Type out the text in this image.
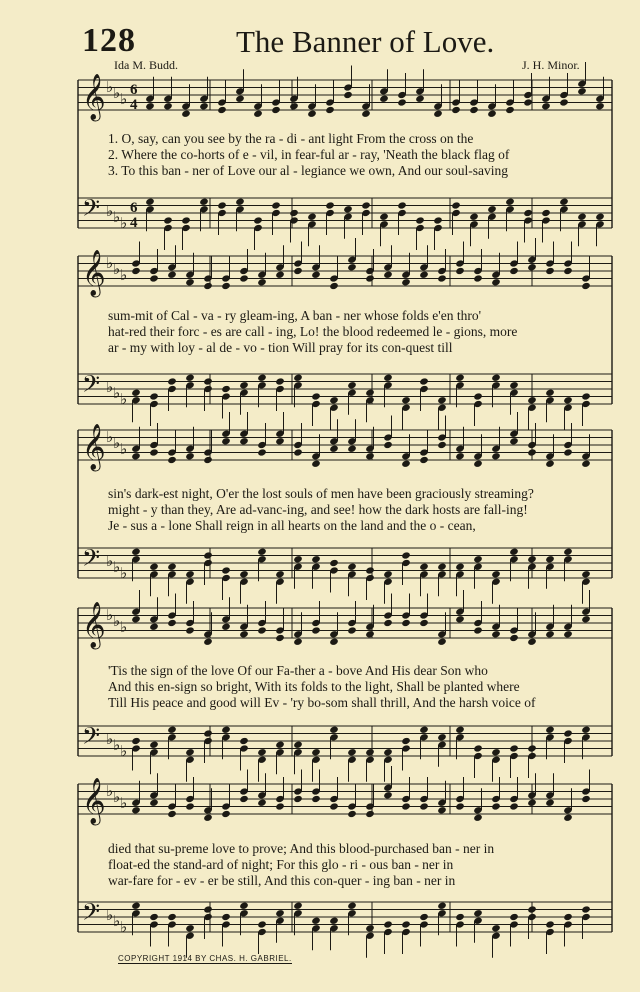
128	The Banner of Love.
Ida M. Budd.	J. H. Minor.
𝄞 ♭ ♭ ♭
6
4
𝄢 ♭ ♭ ♭
6
4
1. O, say, can you see by the ra - di - ant light From the cross on the
2. Where the co-horts of e - vil, in fear-ful ar - ray, 'Neath the black flag of
3. To this ban - ner of Love our al - legiance we own, And our soul-saving
𝄞 ♭ ♭ ♭
𝄢 ♭ ♭ ♭
sum-mit of Cal - va - ry gleam-ing, A ban - ner whose folds e'en thro'
hat-red their forc - es are call - ing, Lo! the blood redeemed le - gions, more
ar - my with loy - al de - vo - tion Will pray for its con-quest till
𝄞 ♭ ♭ ♭
𝄢 ♭ ♭ ♭
sin's dark-est night, O'er the lost souls of men have been graciously streaming?
might - y than they, Are ad-vanc-ing, and see! how the dark hosts are fall-ing!
Je - sus a - lone Shall reign in all hearts on the land and the o - cean,
𝄞 ♭ ♭ ♭
𝄢 ♭ ♭ ♭
'Tis the sign of the love Of our Fa-ther a - bove And His dear Son who
And this en-sign so bright, With its folds to the light, Shall be planted where
Till His peace and good will Ev - 'ry bo-som shall thrill, And the harsh voice of
𝄞 ♭ ♭ ♭
𝄢 ♭ ♭ ♭
died that su-preme love to prove; And this blood-purchased ban - ner in
float-ed the stand-ard of night; For this glo - ri - ous ban - ner in
war-fare for - ev - er be still, And this con-quer - ing ban - ner in
COPYRIGHT 1914 BY CHAS. H. GABRIEL.
